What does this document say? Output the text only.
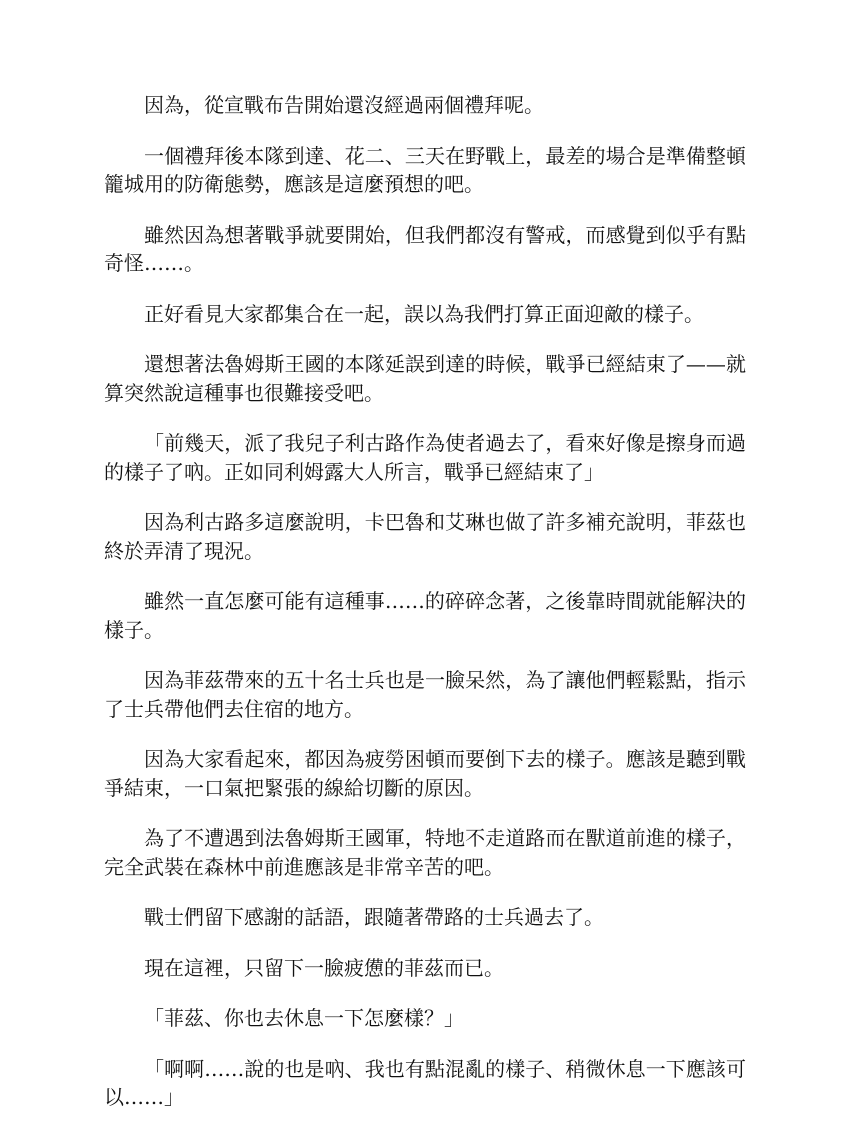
因為，從宣戰布告開始還沒經過兩個禮拜呢。

一個禮拜後本隊到達、花二、三天在野戰上，最差的場合是準備整頓籠城用的防衛態勢，應該是這麼預想的吧。

雖然因為想著戰爭就要開始，但我們都沒有警戒，而感覺到似乎有點奇怪……。

正好看見大家都集合在一起，誤以為我們打算正面迎敵的樣子。

還想著法魯姆斯王國的本隊延誤到達的時候，戰爭已經結束了——就算突然說這種事也很難接受吧。

「前幾天，派了我兒子利古路作為使者過去了，看來好像是擦身而過的樣子了吶。正如同利姆露大人所言，戰爭已經結束了」

因為利古路多這麼說明，卡巴魯和艾琳也做了許多補充說明，菲茲也終於弄清了現況。

雖然一直怎麼可能有這種事……的碎碎念著，之後靠時間就能解決的樣子。

因為菲茲帶來的五十名士兵也是一臉呆然，為了讓他們輕鬆點，指示了士兵帶他們去住宿的地方。

因為大家看起來，都因為疲勞困頓而要倒下去的樣子。應該是聽到戰爭結束，一口氣把緊張的線給切斷的原因。

為了不遭遇到法魯姆斯王國軍，特地不走道路而在獸道前進的樣子，完全武裝在森林中前進應該是非常辛苦的吧。

戰士們留下感謝的話語，跟隨著帶路的士兵過去了。

現在這裡，只留下一臉疲憊的菲茲而已。

「菲茲、你也去休息一下怎麼樣？」

「啊啊……說的也是吶、我也有點混亂的樣子、稍微休息一下應該可以……」
